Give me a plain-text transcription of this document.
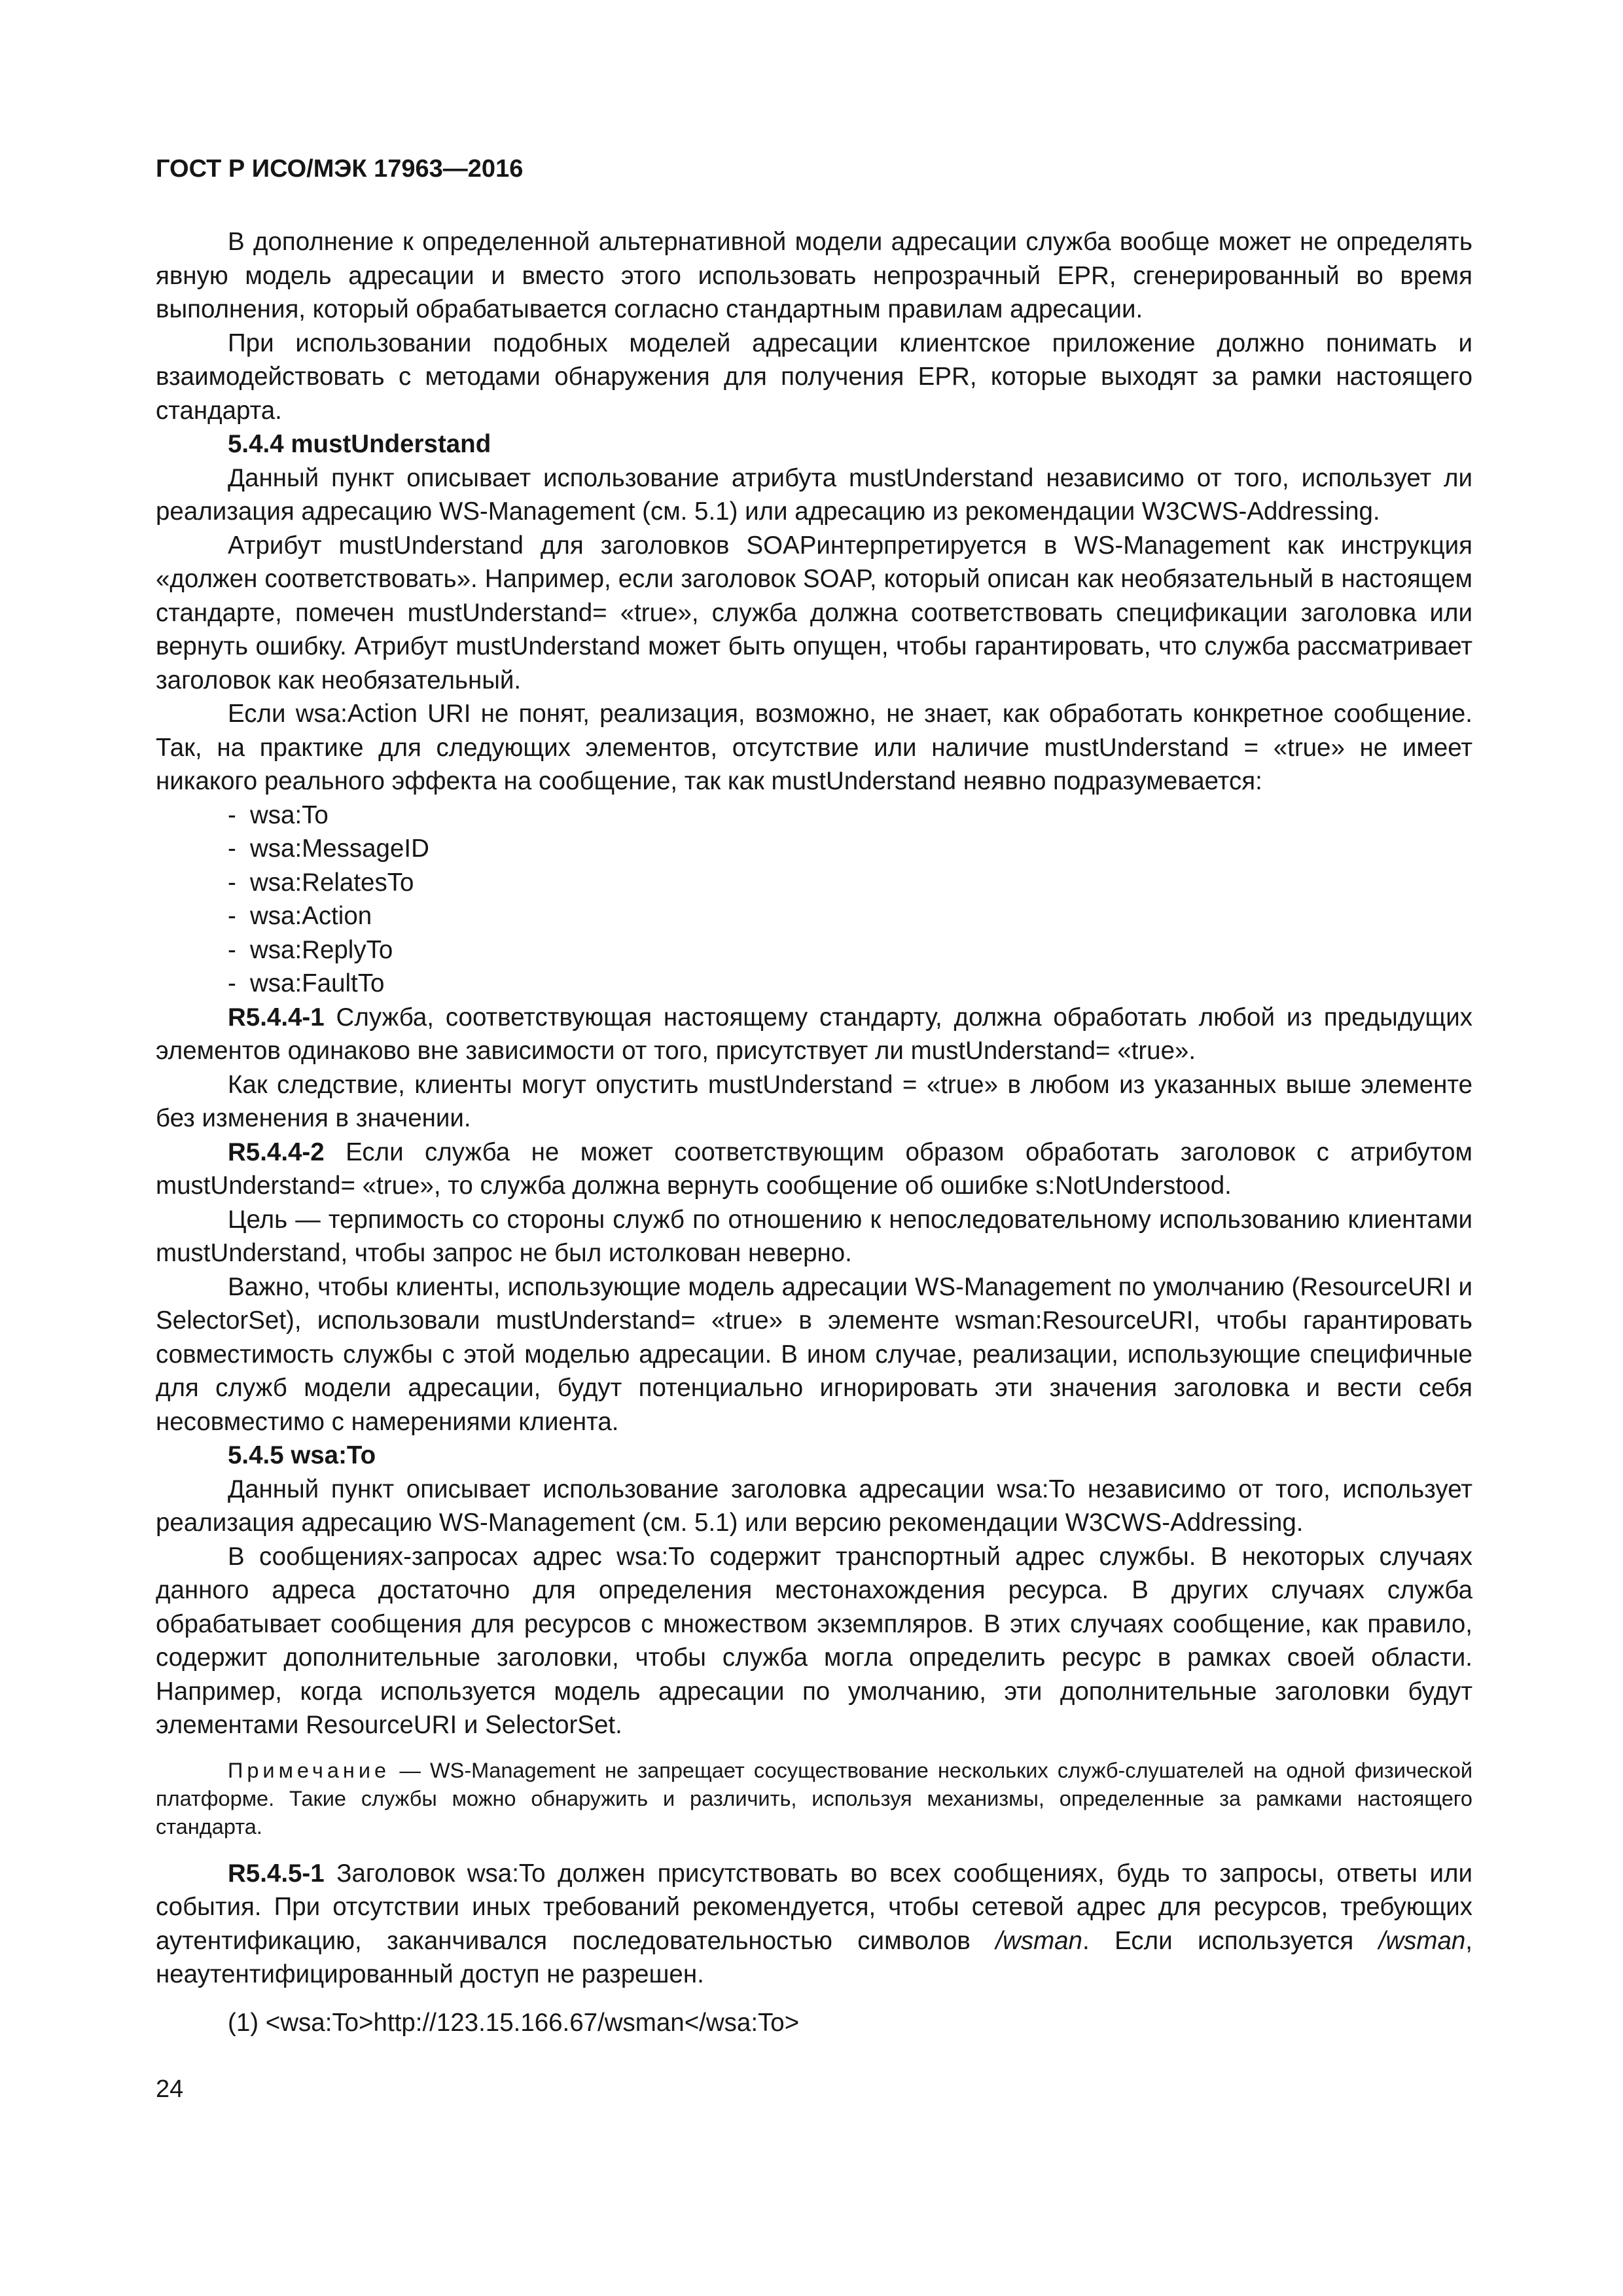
ГОСТ Р ИСО/МЭК 17963—2016

В дополнение к определенной альтернативной модели адресации служба вообще может не определять явную модель адресации и вместо этого использовать непрозрачный EPR, сгенерированный во время выполнения, который обрабатывается согласно стандартным правилам адресации.

При использовании подобных моделей адресации клиентское приложение должно понимать и взаимодействовать с методами обнаружения для получения EPR, которые выходят за рамки настоящего стандарта.

5.4.4 mustUnderstand

Данный пункт описывает использование атрибута mustUnderstand независимо от того, использует ли реализация адресацию WS-Management (см. 5.1) или адресацию из рекомендации W3CWS-Addressing.

Атрибут mustUnderstand для заголовков SOAPинтерпретируется в WS-Management как инструкция «должен соответствовать». Например, если заголовок SOAP, который описан как необязательный в настоящем стандарте, помечен mustUnderstand= «true», служба должна соответствовать спецификации заголовка или вернуть ошибку. Атрибут mustUnderstand может быть опущен, чтобы гарантировать, что служба рассматривает заголовок как необязательный.

Если wsa:Action URI не понят, реализация, возможно, не знает, как обработать конкретное сообщение. Так, на практике для следующих элементов, отсутствие или наличие mustUnderstand = «true» не имеет никакого реального эффекта на сообщение, так как mustUnderstand неявно подразумевается:

- wsa:To
- wsa:MessageID
- wsa:RelatesTo
- wsa:Action
- wsa:ReplyTo
- wsa:FaultTo

R5.4.4-1 Служба, соответствующая настоящему стандарту, должна обработать любой из предыдущих элементов одинаково вне зависимости от того, присутствует ли mustUnderstand= «true».

Как следствие, клиенты могут опустить mustUnderstand = «true» в любом из указанных выше элементе без изменения в значении.

R5.4.4-2 Если служба не может соответствующим образом обработать заголовок с атрибутом mustUnderstand= «true», то служба должна вернуть сообщение об ошибке s:NotUnderstood.

Цель — терпимость со стороны служб по отношению к непоследовательному использованию клиентами mustUnderstand, чтобы запрос не был истолкован неверно.

Важно, чтобы клиенты, использующие модель адресации WS-Management по умолчанию (ResourceURI и SelectorSet), использовали mustUnderstand= «true» в элементе wsman:ResourceURI, чтобы гарантировать совместимость службы с этой моделью адресации. В ином случае, реализации, использующие специфичные для служб модели адресации, будут потенциально игнорировать эти значения заголовка и вести себя несовместимо с намерениями клиента.

5.4.5 wsa:To

Данный пункт описывает использование заголовка адресации wsa:To независимо от того, использует реализация адресацию WS-Management (см. 5.1) или версию рекомендации W3CWS-Addressing.

В сообщениях-запросах адрес wsa:To содержит транспортный адрес службы. В некоторых случаях данного адреса достаточно для определения местонахождения ресурса. В других случаях служба обрабатывает сообщения для ресурсов с множеством экземпляров. В этих случаях сообщение, как правило, содержит дополнительные заголовки, чтобы служба могла определить ресурс в рамках своей области. Например, когда используется модель адресации по умолчанию, эти дополнительные заголовки будут элементами ResourceURI и SelectorSet.

Примечание — WS-Management не запрещает сосуществование нескольких служб-слушателей на одной физической платформе. Такие службы можно обнаружить и различить, используя механизмы, определенные за рамками настоящего стандарта.

R5.4.5-1 Заголовок wsa:To должен присутствовать во всех сообщениях, будь то запросы, ответы или события. При отсутствии иных требований рекомендуется, чтобы сетевой адрес для ресурсов, требующих аутентификацию, заканчивался последовательностью символов /wsman. Если используется /wsman, неаутентифицированный доступ не разрешен.

(1) <wsa:To>http://123.15.166.67/wsman</wsa:To>

24
